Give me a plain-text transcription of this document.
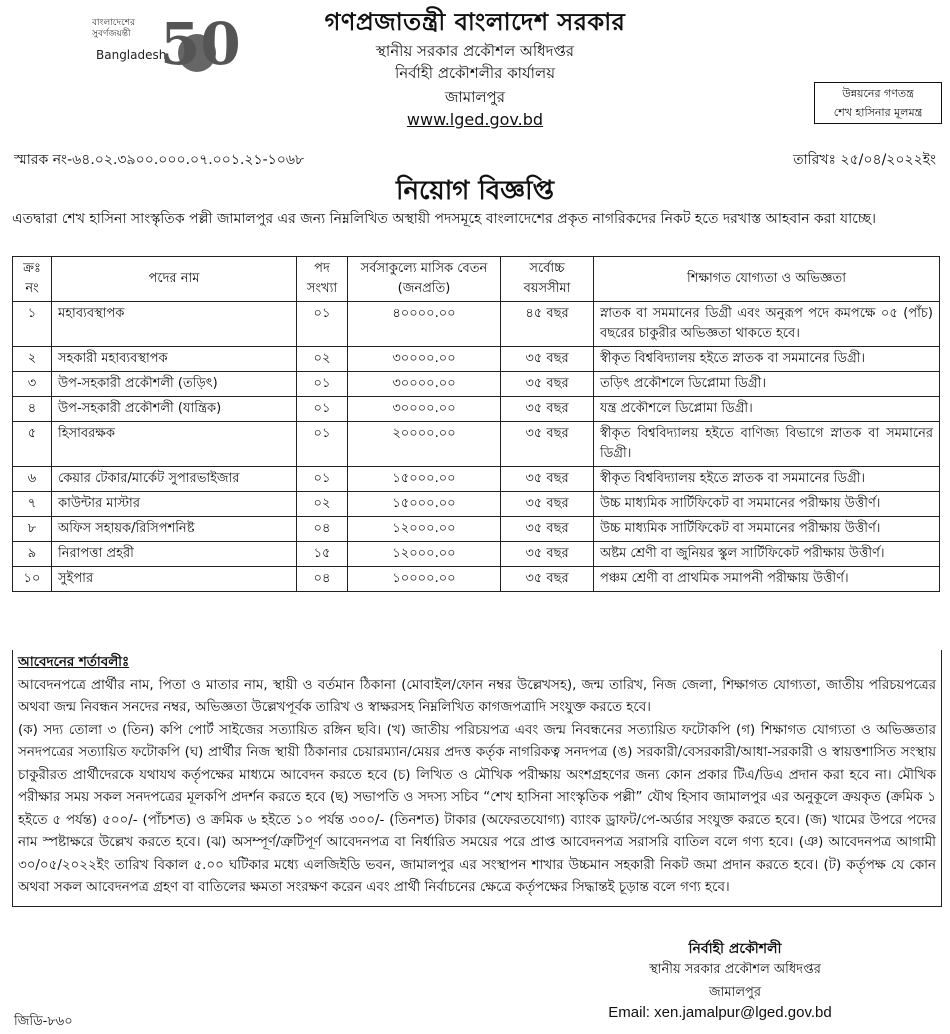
বাংলাদেশের সুবর্ণজয়ন্তী
Bangladesh
50	গণপ্রজাতন্ত্রী বাংলাদেশ সরকার
স্থানীয় সরকার প্রকৌশল অধিদপ্তর
নির্বাহী প্রকৌশলীর কার্যালয়
জামালপুর
www.lged.gov.bd
উন্নয়নের গণতন্ত্র
শেখ হাসিনার মূলমন্ত্র
স্মারক নং-৬৪.০২.৩৯০০.০০০.০৭.০০১.২১-১০৬৮	তারিখঃ ২৫/০৪/২০২২ইং
নিয়োগ বিজ্ঞপ্তি
এতদ্বারা শেখ হাসিনা সাংস্কৃতিক পল্লী জামালপুর এর জন্য নিম্নলিখিত অস্থায়ী পদসমূহে বাংলাদেশের প্রকৃত নাগরিকদের নিকট হতে দরখাস্ত আহবান করা যাচ্ছে।
ক্রঃ নং	পদের নাম	পদ সংখ্যা	সর্বসাকুল্যে মাসিক বেতন (জনপ্রতি)	সর্বোচ্চ বয়সসীমা	শিক্ষাগত যোগ্যতা ও অভিজ্ঞতা
১	মহাব্যবস্থাপক	০১	৪০০০০.০০	৪৫ বছর	স্নাতক বা সমমানের ডিগ্রী এবং অনুরূপ পদে কমপক্ষে ০৫ (পাঁচ) বছরের চাকুরীর অভিজ্ঞতা থাকতে হবে।
২	সহকারী মহাব্যবস্থাপক	০২	৩০০০০.০০	৩৫ বছর	স্বীকৃত বিশ্ববিদ্যালয় হইতে স্নাতক বা সমমানের ডিগ্রী।
৩	উপ-সহকারী প্রকৌশলী (তড়িৎ)	০১	৩০০০০.০০	৩৫ বছর	তড়িৎ প্রকৌশলে ডিপ্লোমা ডিগ্রী।
৪	উপ-সহকারী প্রকৌশলী (যান্ত্রিক)	০১	৩০০০০.০০	৩৫ বছর	যন্ত্র প্রকৌশলে ডিপ্লোমা ডিগ্রী।
৫	হিসাবরক্ষক	০১	২০০০০.০০	৩৫ বছর	স্বীকৃত বিশ্ববিদ্যালয় হইতে বাণিজ্য বিভাগে স্নাতক বা সমমানের ডিগ্রী।
৬	কেয়ার টেকার/মার্কেট সুপারভাইজার	০১	১৫০০০.০০	৩৫ বছর	স্বীকৃত বিশ্ববিদ্যালয় হইতে স্নাতক বা সমমানের ডিগ্রী।
৭	কাউন্টার মাস্টার	০২	১৫০০০.০০	৩৫ বছর	উচ্চ মাধ্যমিক সার্টিফিকেট বা সমমানের পরীক্ষায় উত্তীর্ণ।
৮	অফিস সহায়ক/রিসিপশনিষ্ট	০৪	১২০০০.০০	৩৫ বছর	উচ্চ মাধ্যমিক সার্টিফিকেট বা সমমানের পরীক্ষায় উত্তীর্ণ।
৯	নিরাপত্তা প্রহরী	১৫	১২০০০.০০	৩৫ বছর	অষ্টম শ্রেণী বা জুনিয়র স্কুল সার্টিফিকেট পরীক্ষায় উত্তীর্ণ।
১০	সুইপার	০৪	১০০০০.০০	৩৫ বছর	পঞ্চম শ্রেণী বা প্রাথমিক সমাপনী পরীক্ষায় উত্তীর্ণ।
আবেদনের শর্তাবলীঃ
আবেদনপত্রে প্রার্থীর নাম, পিতা ও মাতার নাম, স্থায়ী ও বর্তমান ঠিকানা (মোবাইল/ফোন নম্বর উল্লেখসহ), জন্ম তারিখ, নিজ জেলা, শিক্ষাগত যোগ্যতা, জাতীয় পরিচয়পত্রের অথবা জন্ম নিবন্ধন সনদের নম্বর, অভিজ্ঞতা উল্লেখপূর্বক তারিখ ও স্বাক্ষরসহ নিম্নলিখিত কাগজপত্রাদি সংযুক্ত করতে হবে।
(ক) সদ্য তোলা ৩ (তিন) কপি পোর্ট সাইজের সত্যায়িত রঙ্গিন ছবি। (খ) জাতীয় পরিচয়পত্র এবং জন্ম নিবন্ধনের সত্যায়িত ফটোকপি (গ) শিক্ষাগত যোগ্যতা ও অভিজ্ঞতার সনদপত্রের সত্যায়িত ফটোকপি (ঘ) প্রার্থীর নিজ স্থায়ী ঠিকানার চেয়ারম্যান/মেয়র প্রদত্ত কর্তৃক নাগরিকত্ব সনদপত্র (ঙ) সরকারী/বেসরকারী/আধা-সরকারী ও স্বায়ত্তশাসিত সংস্থায় চাকুরীরত প্রার্থীদেরকে যথাযথ কর্তৃপক্ষের মাধ্যমে আবেদন করতে হবে (চ) লিখিত ও মৌখিক পরীক্ষায় অংশগ্রহণের জন্য কোন প্রকার টিএ/ডিএ প্রদান করা হবে না। মৌখিক পরীক্ষার সময় সকল সনদপত্রের মূলকপি প্রদর্শন করতে হবে (ছ) সভাপতি ও সদস্য সচিব “শেখ হাসিনা সাংস্কৃতিক পল্লী” যৌথ হিসাব জামালপুর এর অনুকূলে ক্রয়কৃত (ক্রমিক ১ হইতে ৫ পর্যন্ত) ৫০০/- (পাঁচশত) ও ক্রমিক ৬ হইতে ১০ পর্যন্ত ৩০০/- (তিনশত) টাকার (অফেরতযোগ্য) ব্যাংক ড্রাফট/পে-অর্ডার সংযুক্ত করতে হবে। (জ) খামের উপরে পদের নাম স্পষ্টাক্ষরে উল্লেখ করতে হবে। (ঝ) অসম্পূর্ণ/ত্রুটিপূর্ণ আবেদনপত্র বা নির্ধারিত সময়ের পরে প্রাপ্ত আবেদনপত্র সরাসরি বাতিল বলে গণ্য হবে। (ঞ) আবেদনপত্র আগামী ৩০/০৫/২০২২ইং তারিখ বিকাল ৫.০০ ঘটিকার মধ্যে এলজিইডি ভবন, জামালপুর এর সংস্থাপন শাখার উচ্চমান সহকারী নিকট জমা প্রদান করতে হবে। (ট) কর্তৃপক্ষ যে কোন অথবা সকল আবেদনপত্র গ্রহণ বা বাতিলের ক্ষমতা সংরক্ষণ করেন এবং প্রার্থী নির্বাচনের ক্ষেত্রে কর্তৃপক্ষের সিদ্ধান্তই চূড়ান্ত বলে গণ্য হবে।
নির্বাহী প্রকৌশলী
স্থানীয় সরকার প্রকৌশল অধিদপ্তর
জামালপুর
Email: xen.jamalpur@lged.gov.bd
জিডি-৮৬০
